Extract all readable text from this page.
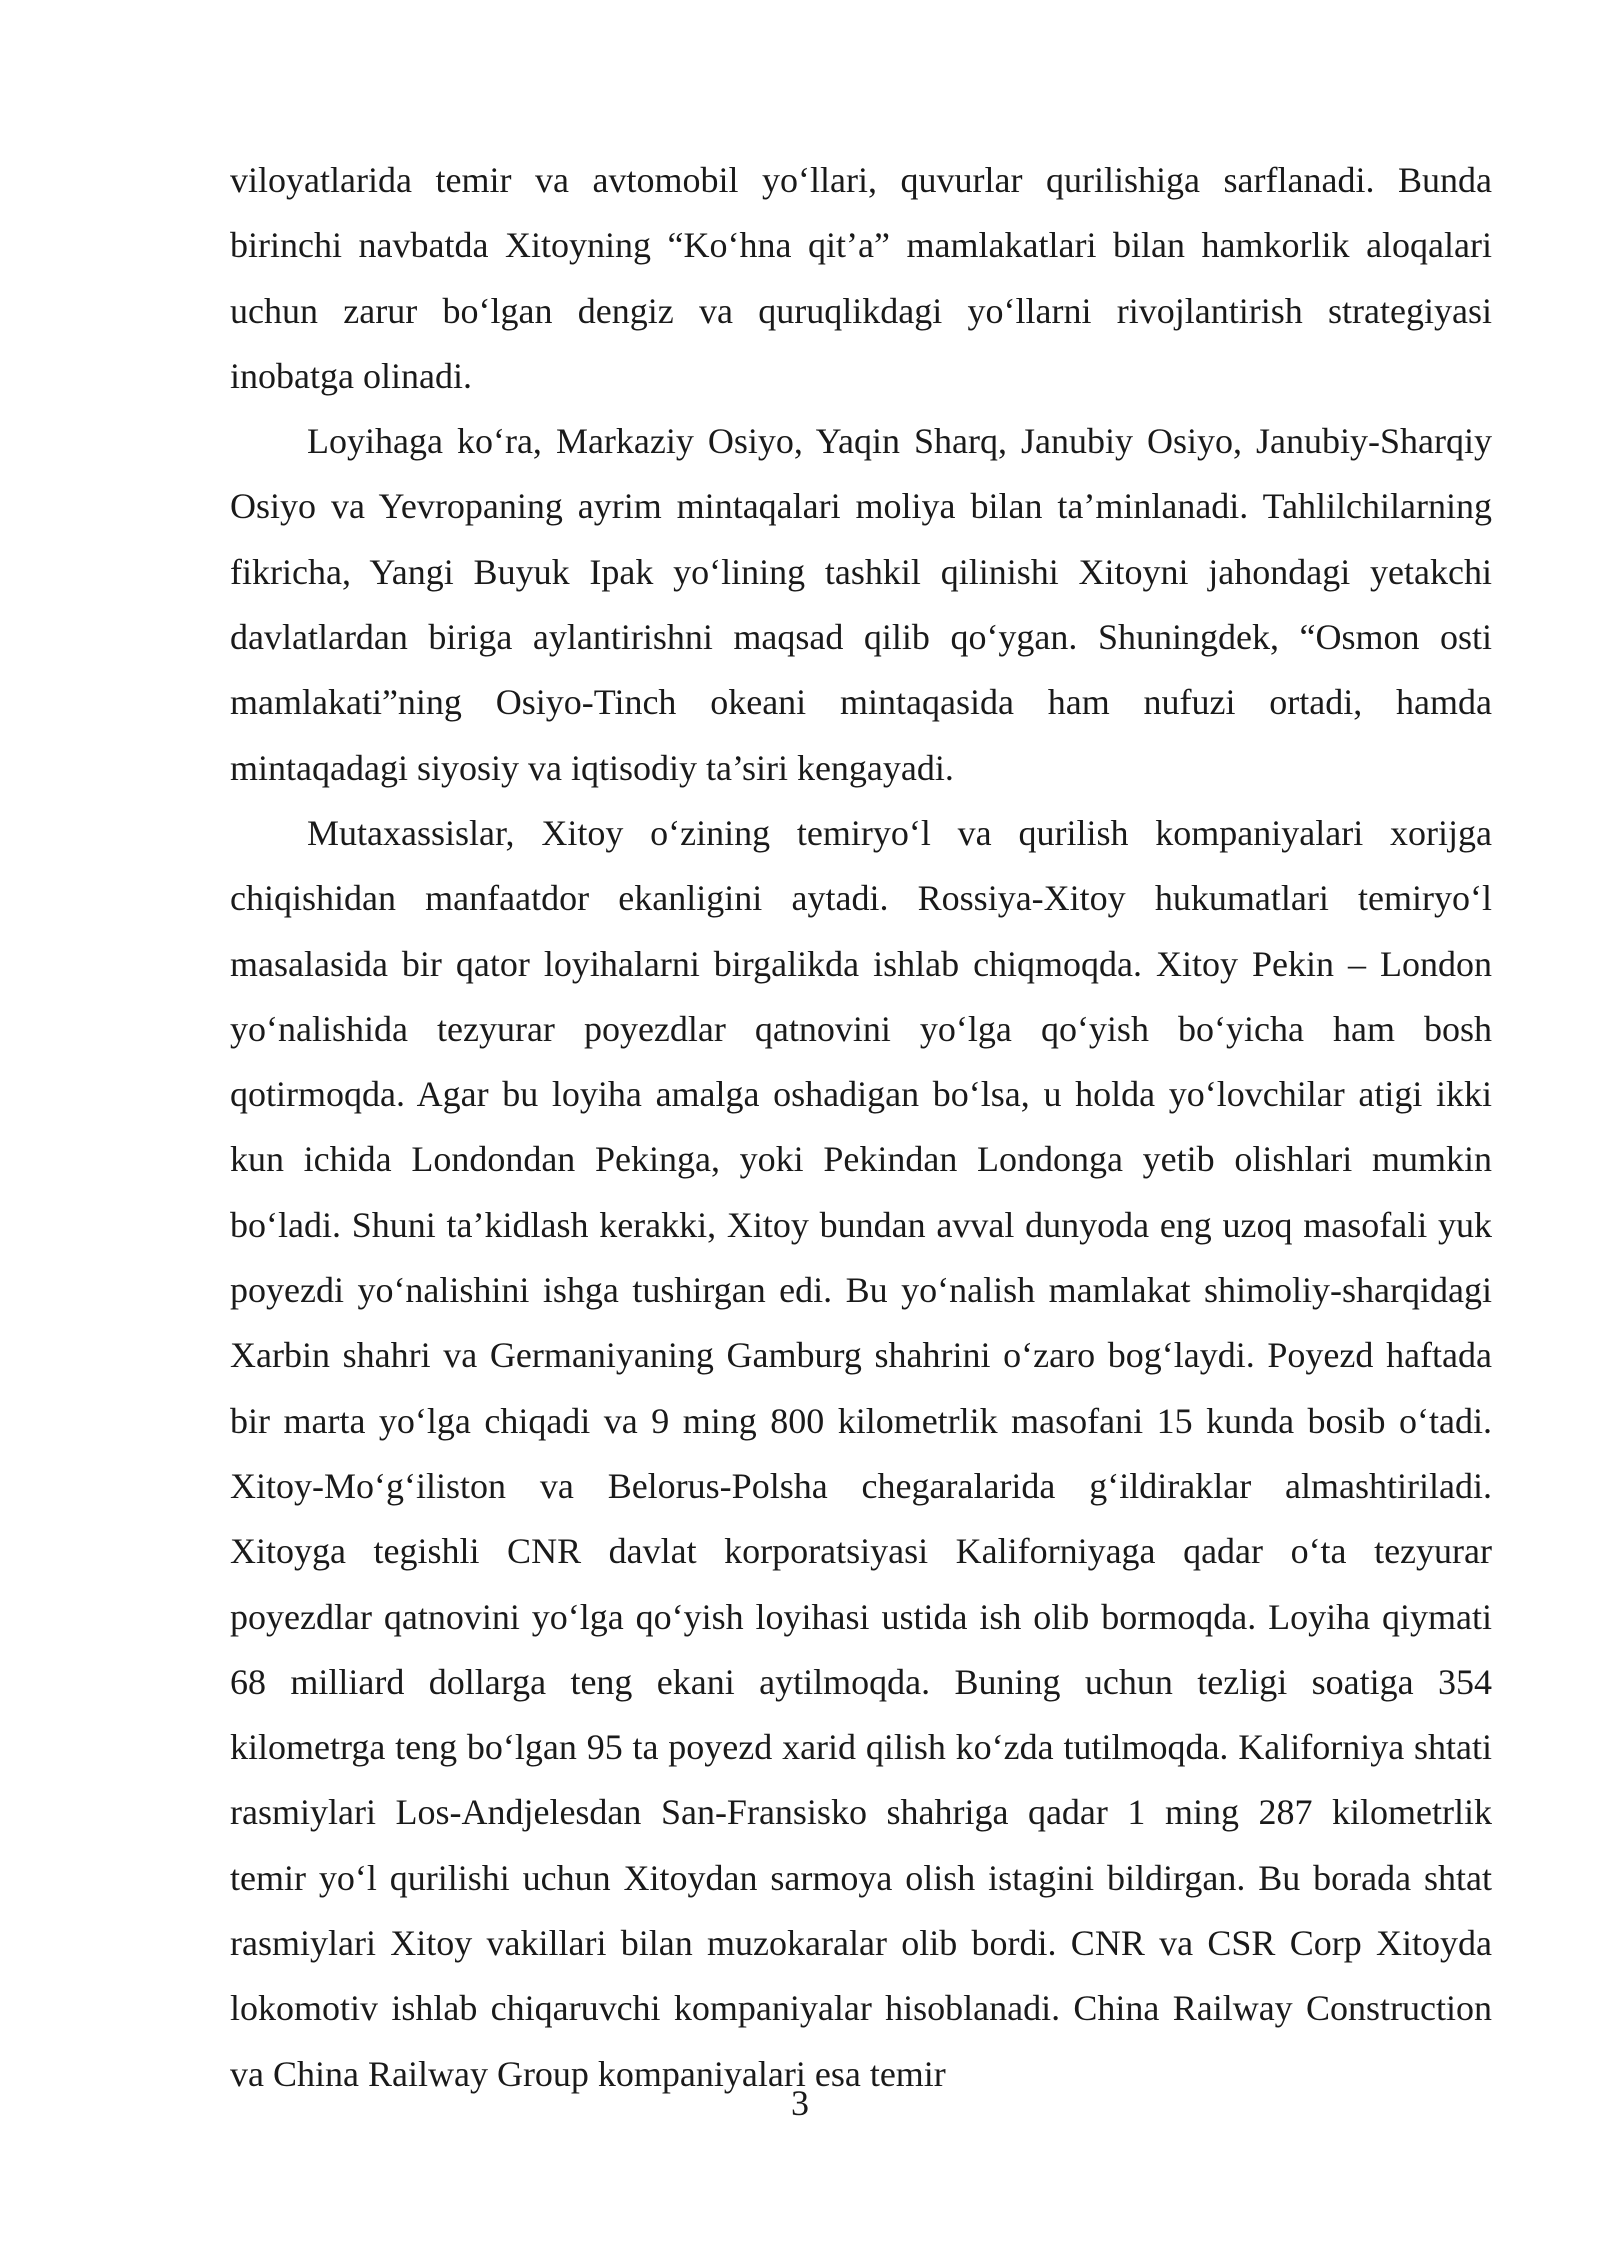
viloyatlarida temir va avtomobil yo‘llari, quvurlar qurilishiga sarflanadi. Bunda birinchi navbatda Xitoyning “Ko‘hna qit’a” mamlakatlari bilan hamkorlik aloqalari uchun zarur bo‘lgan dengiz va quruqlikdagi yo‘llarni rivojlantirish strategiyasi inobatga olinadi.

Loyihaga ko‘ra, Markaziy Osiyo, Yaqin Sharq, Janubiy Osiyo, Janubiy-Sharqiy Osiyo va Yevropaning ayrim mintaqalari moliya bilan ta’minlanadi. Tahlilchilarning fikricha, Yangi Buyuk Ipak yo‘lining tashkil qilinishi Xitoyni jahondagi yetakchi davlatlardan biriga aylantirishni maqsad qilib qo‘ygan. Shuningdek, “Osmon osti mamlakati”ning Osiyo-Tinch okeani mintaqasida ham nufuzi ortadi, hamda mintaqadagi siyosiy va iqtisodiy ta’siri kengayadi.

Mutaxassislar, Xitoy o‘zining temiryo‘l va qurilish kompaniyalari xorijga chiqishidan manfaatdor ekanligini aytadi. Rossiya-Xitoy hukumatlari temiryo‘l masalasida bir qator loyihalarni birgalikda ishlab chiqmoqda. Xitoy Pekin – London yo‘nalishida tezyurar poyezdlar qatnovini yo‘lga qo‘yish bo‘yicha ham bosh qotirmoqda. Agar bu loyiha amalga oshadigan bo‘lsa, u holda yo‘lovchilar atigi ikki kun ichida Londondan Pekinga, yoki Pekindan Londonga yetib olishlari mumkin bo‘ladi. Shuni ta’kidlash kerakki, Xitoy bundan avval dunyoda eng uzoq masofali yuk poyezdi yo‘nalishini ishga tushirgan edi. Bu yo‘nalish mamlakat shimoliy-sharqidagi Xarbin shahri va Germaniyaning Gamburg shahrini o‘zaro bog‘laydi. Poyezd haftada bir marta yo‘lga chiqadi va 9 ming 800 kilometrlik masofani 15 kunda bosib o‘tadi. Xitoy-Mo‘g‘iliston va Belorus-Polsha chegaralarida g‘ildiraklar almashtiriladi. Xitoyga tegishli CNR davlat korporatsiyasi Kaliforniyaga qadar o‘ta tezyurar poyezdlar qatnovini yo‘lga qo‘yish loyihasi ustida ish olib bormoqda. Loyiha qiymati 68 milliard dollarga teng ekani aytilmoqda. Buning uchun tezligi soatiga 354 kilometrga teng bo‘lgan 95 ta poyezd xarid qilish ko‘zda tutilmoqda. Kaliforniya shtati rasmiylari Los-Andjelesdan San-Fransisko shahriga qadar 1 ming 287 kilometrlik temir yo‘l qurilishi uchun Xitoydan sarmoya olish istagini bildirgan. Bu borada shtat rasmiylari Xitoy vakillari bilan muzokaralar olib bordi. CNR va CSR Corp Xitoyda lokomotiv ishlab chiqaruvchi kompaniyalar hisoblanadi. China Railway Construction va China Railway Group kompaniyalari esa temir

3
